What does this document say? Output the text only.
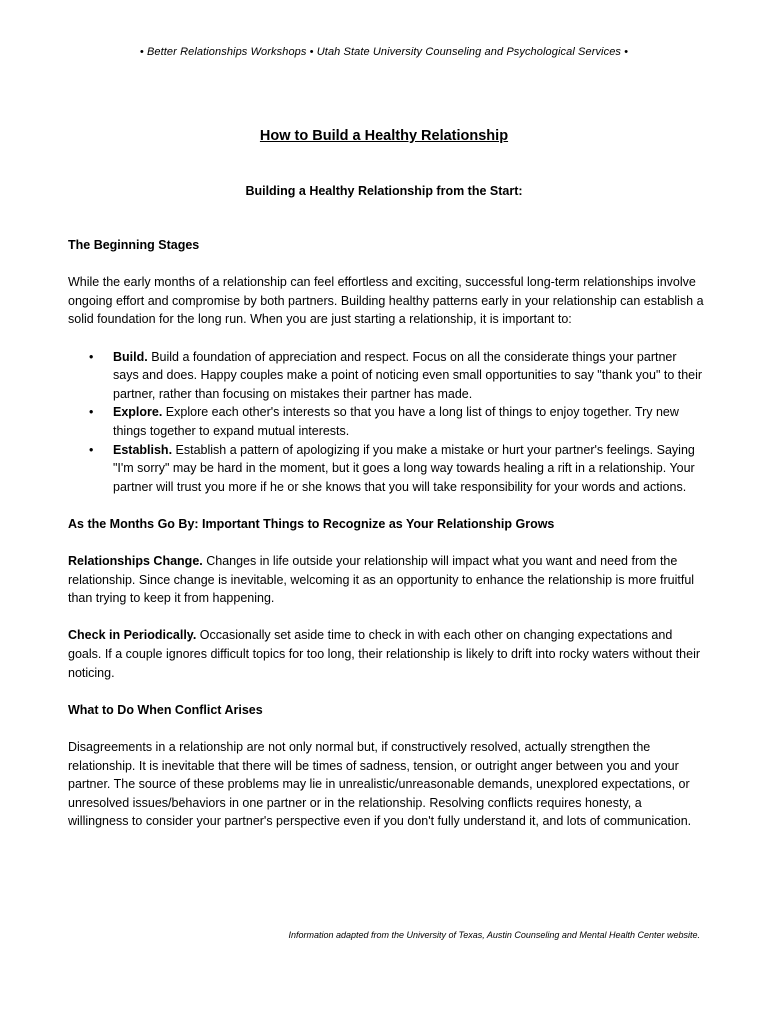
• Better Relationships Workshops • Utah State University Counseling and Psychological Services •
How to Build a Healthy Relationship
Building a Healthy Relationship from the Start:
The Beginning Stages

While the early months of a relationship can feel effortless and exciting, successful long-term relationships involve ongoing effort and compromise by both partners. Building healthy patterns early in your relationship can establish a solid foundation for the long run. When you are just starting a relationship, it is important to:

• Build. Build a foundation of appreciation and respect. Focus on all the considerate things your partner says and does. Happy couples make a point of noticing even small opportunities to say "thank you" to their partner, rather than focusing on mistakes their partner has made.
• Explore. Explore each other's interests so that you have a long list of things to enjoy together. Try new things together to expand mutual interests.
• Establish. Establish a pattern of apologizing if you make a mistake or hurt your partner's feelings. Saying "I'm sorry" may be hard in the moment, but it goes a long way towards healing a rift in a relationship. Your partner will trust you more if he or she knows that you will take responsibility for your words and actions.
As the Months Go By: Important Things to Recognize as Your Relationship Grows

Relationships Change. Changes in life outside your relationship will impact what you want and need from the relationship. Since change is inevitable, welcoming it as an opportunity to enhance the relationship is more fruitful than trying to keep it from happening.

Check in Periodically. Occasionally set aside time to check in with each other on changing expectations and goals. If a couple ignores difficult topics for too long, their relationship is likely to drift into rocky waters without their noticing.

What to Do When Conflict Arises

Disagreements in a relationship are not only normal but, if constructively resolved, actually strengthen the relationship. It is inevitable that there will be times of sadness, tension, or outright anger between you and your partner. The source of these problems may lie in unrealistic/unreasonable demands, unexplored expectations, or unresolved issues/behaviors in one partner or in the relationship. Resolving conflicts requires honesty, a willingness to consider your partner's perspective even if you don't fully understand it, and lots of communication.

Information adapted from the University of Texas, Austin Counseling and Mental Health Center website.
